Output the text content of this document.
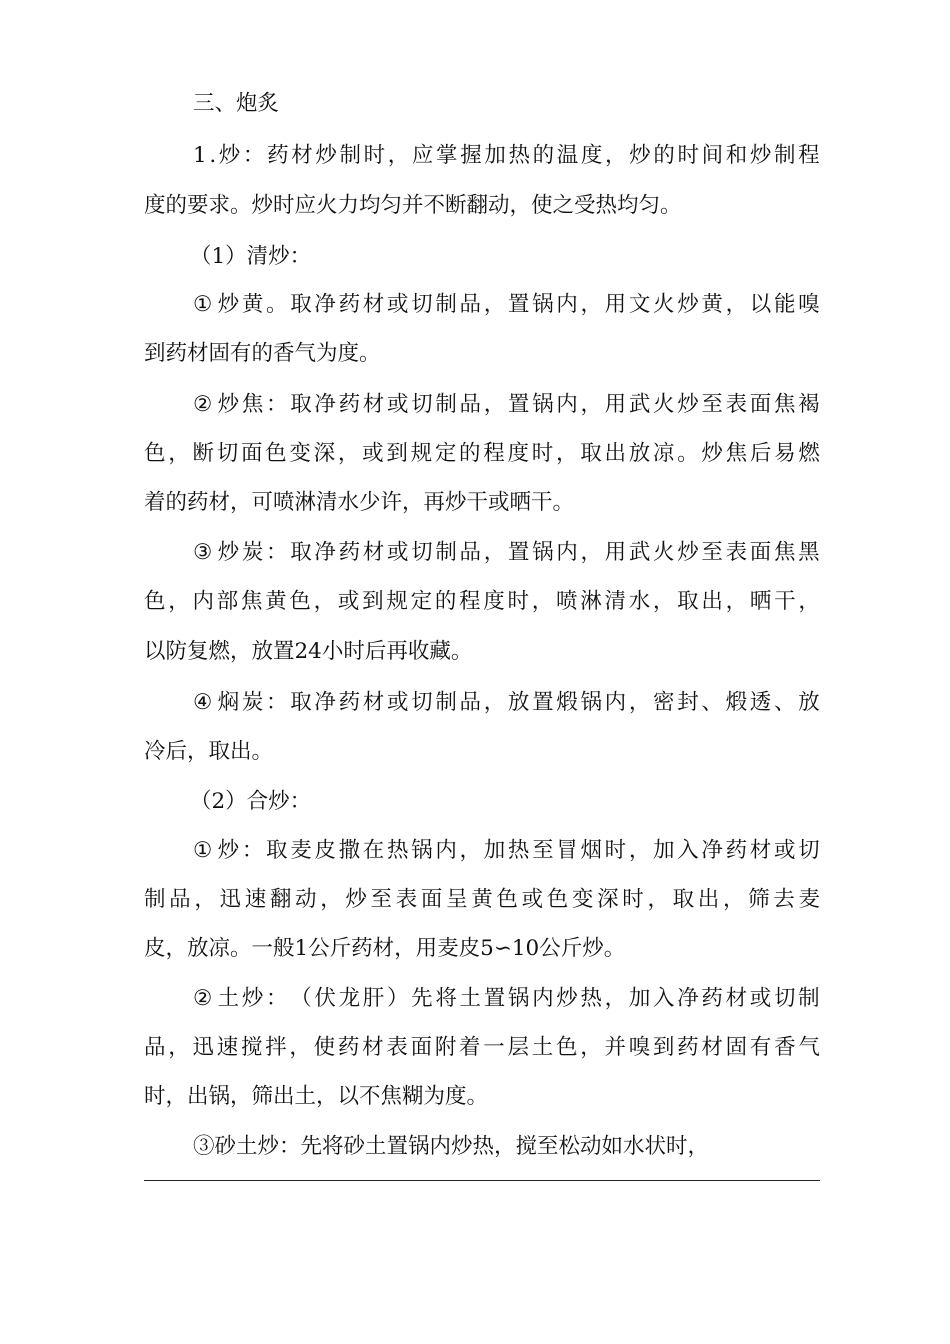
三、炮炙
1 . 炒 ： 药 材 炒 制 时 ， 应 掌 握 加 热 的 温 度 ， 炒 的 时 间 和 炒 制 程
度的要求。炒时应火力均匀并不断翻动，使之受热均匀。
（1）清炒：
① 炒 黄 。 取 净 药 材 或 切 制 品 ， 置 锅 内 ， 用 文 火 炒 黄 ， 以 能 嗅
到药材固有的香气为度。
② 炒 焦 ： 取 净 药 材 或 切 制 品 ， 置 锅 内 ， 用 武 火 炒 至 表 面 焦 褐
色 ， 断 切 面 色 变 深 ， 或 到 规 定 的 程 度 时 ， 取 出 放 凉 。 炒 焦 后 易 燃
着的药材，可喷淋清水少许，再炒干或晒干。
③ 炒 炭 ： 取 净 药 材 或 切 制 品 ， 置 锅 内 ， 用 武 火 炒 至 表 面 焦 黑
色 ， 内 部 焦 黄 色 ， 或 到 规 定 的 程 度 时 ， 喷 淋 清 水 ， 取 出 ， 晒 干 ，
以防复燃，放置24小时后再收藏。
④ 焖 炭 ： 取 净 药 材 或 切 制 品 ， 放 置 煅 锅 内 ， 密 封 、 煅 透 、 放
冷后，取出。
（2）合炒：
① 炒 ： 取 麦 皮 撒 在 热 锅 内 ， 加 热 至 冒 烟 时 ， 加 入 净 药 材 或 切
制 品 ， 迅 速 翻 动 ， 炒 至 表 面 呈 黄 色 或 色 变 深 时 ， 取 出 ， 筛 去 麦
皮，放凉。一般1公斤药材，用麦皮5∽10公斤炒。
② 土 炒 ： （ 伏 龙 肝 ） 先 将 土 置 锅 内 炒 热 ， 加 入 净 药 材 或 切 制
品 ， 迅 速 搅 拌 ， 使 药 材 表 面 附 着 一 层 土 色 ， 并 嗅 到 药 材 固 有 香 气
时，出锅，筛出土，以不焦糊为度。
③砂土炒：先将砂土置锅内炒热，搅至松动如水状时，
